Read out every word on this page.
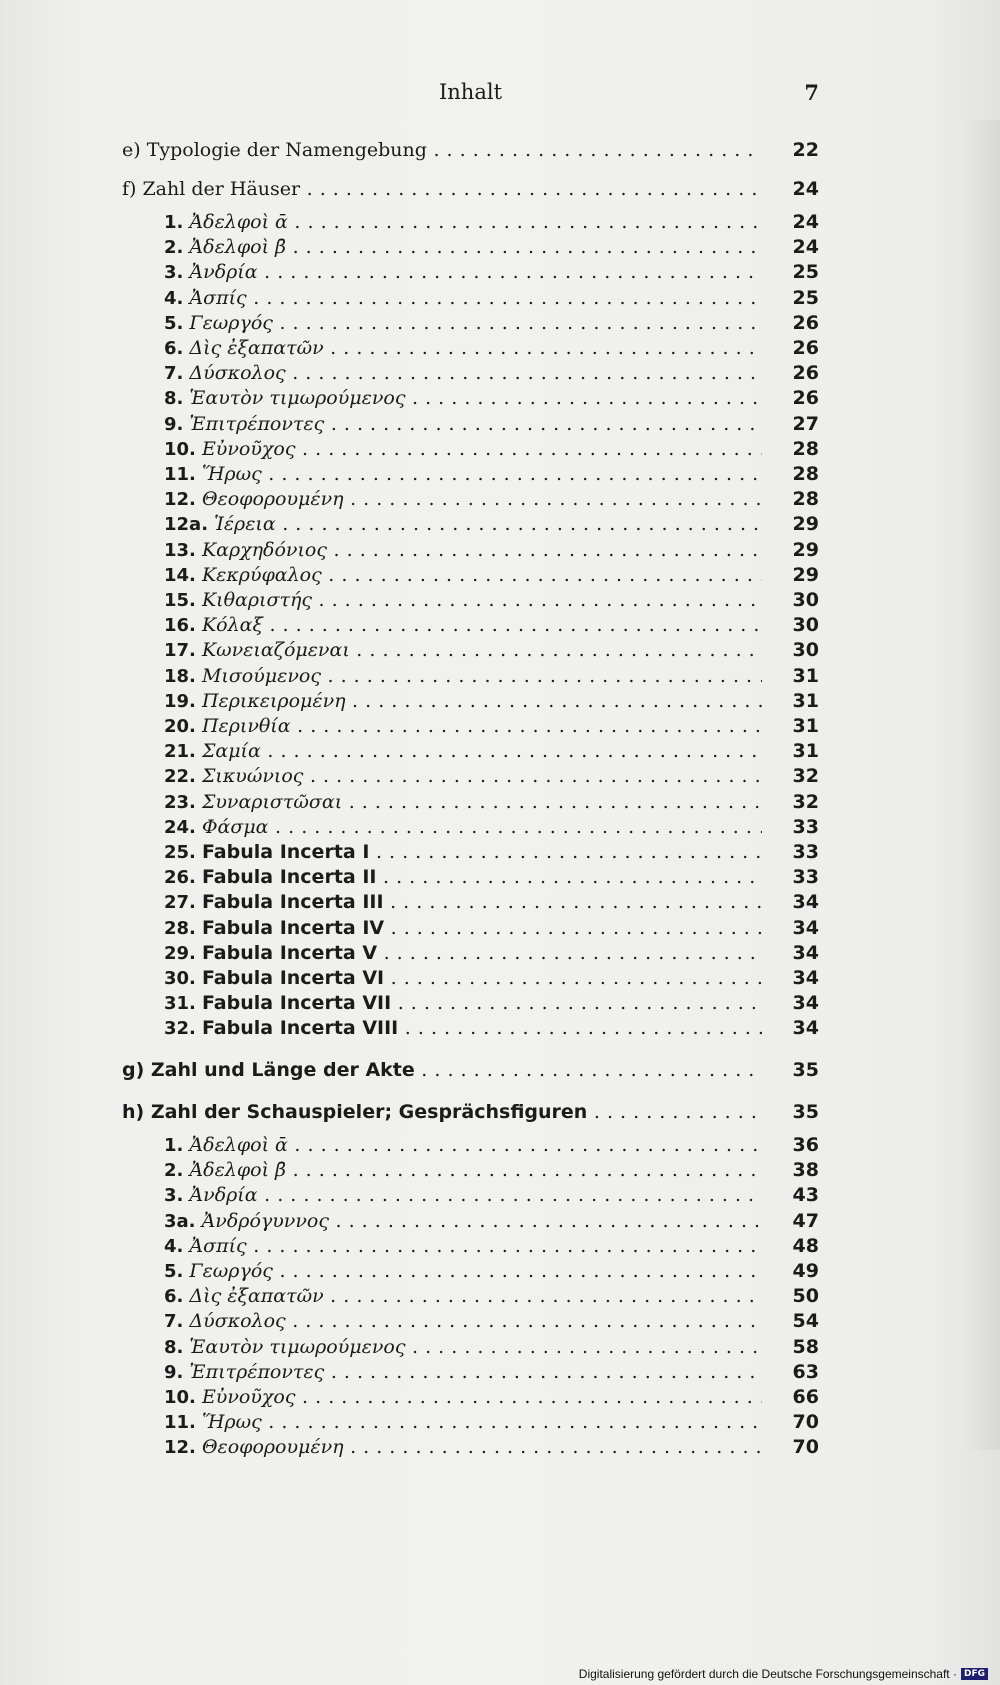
Inhalt	7
e) Typologie der Namengebung . . .	22
f) Zahl der Häuser . . .	24
1. Ἀδελφοὶ ᾱ . . .	24
2. Ἀδελφοὶ β̄ . . .	24
3. Ἀνδρία . . .	25
4. Ἀσπίς . . .	25
5. Γεωργός . . .	26
6. Δὶς ἐξαπατῶν . . .	26
7. Δύσκολος . . .	26
8. Ἑαυτὸν τιμωρούμενος . . .	26
9. Ἐπιτρέποντες . . .	27
10. Εὐνοῦχος . . .	28
11. Ἥρως . . .	28
12. Θεοφορουμένη . . .	28
12a. Ἱέρεια . . .	29
13. Καρχηδόνιος . . .	29
14. Κεκρύφαλος . . .	29
15. Κιθαριστής . . .	30
16. Κόλαξ . . .	30
17. Κωνειαζόμεναι . . .	30
18. Μισούμενος . . .	31
19. Περικειρομένη . . .	31
20. Περινθία . . .	31
21. Σαμία . . .	31
22. Σικυώνιος . . .	32
23. Συναριστῶσαι . . .	32
24. Φάσμα . . .	33
25. Fabula Incerta I . . .	33
26. Fabula Incerta II . . .	33
27. Fabula Incerta III . . .	34
28. Fabula Incerta IV . . .	34
29. Fabula Incerta V . . .	34
30. Fabula Incerta VI . . .	34
31. Fabula Incerta VII . . .	34
32. Fabula Incerta VIII . . .	34
g) Zahl und Länge der Akte . . .	35
h) Zahl der Schauspieler; Gesprächsfiguren . . .	35
1. Ἀδελφοὶ ᾱ . . .	36
2. Ἀδελφοὶ β̄ . . .	38
3. Ἀνδρία . . .	43
3a. Ἀνδρόγυννος . . .	47
4. Ἀσπίς . . .	48
5. Γεωργός . . .	49
6. Δὶς ἐξαπατῶν . . .	50
7. Δύσκολος . . .	54
8. Ἑαυτὸν τιμωρούμενος . . .	58
9. Ἐπιτρέποντες . . .	63
10. Εὐνοῦχος . . .	66
11. Ἥρως . . .	70
12. Θεοφορουμένη . . .	70
Digitalisierung gefördert durch die Deutsche Forschungsgemeinschaft · DFG
